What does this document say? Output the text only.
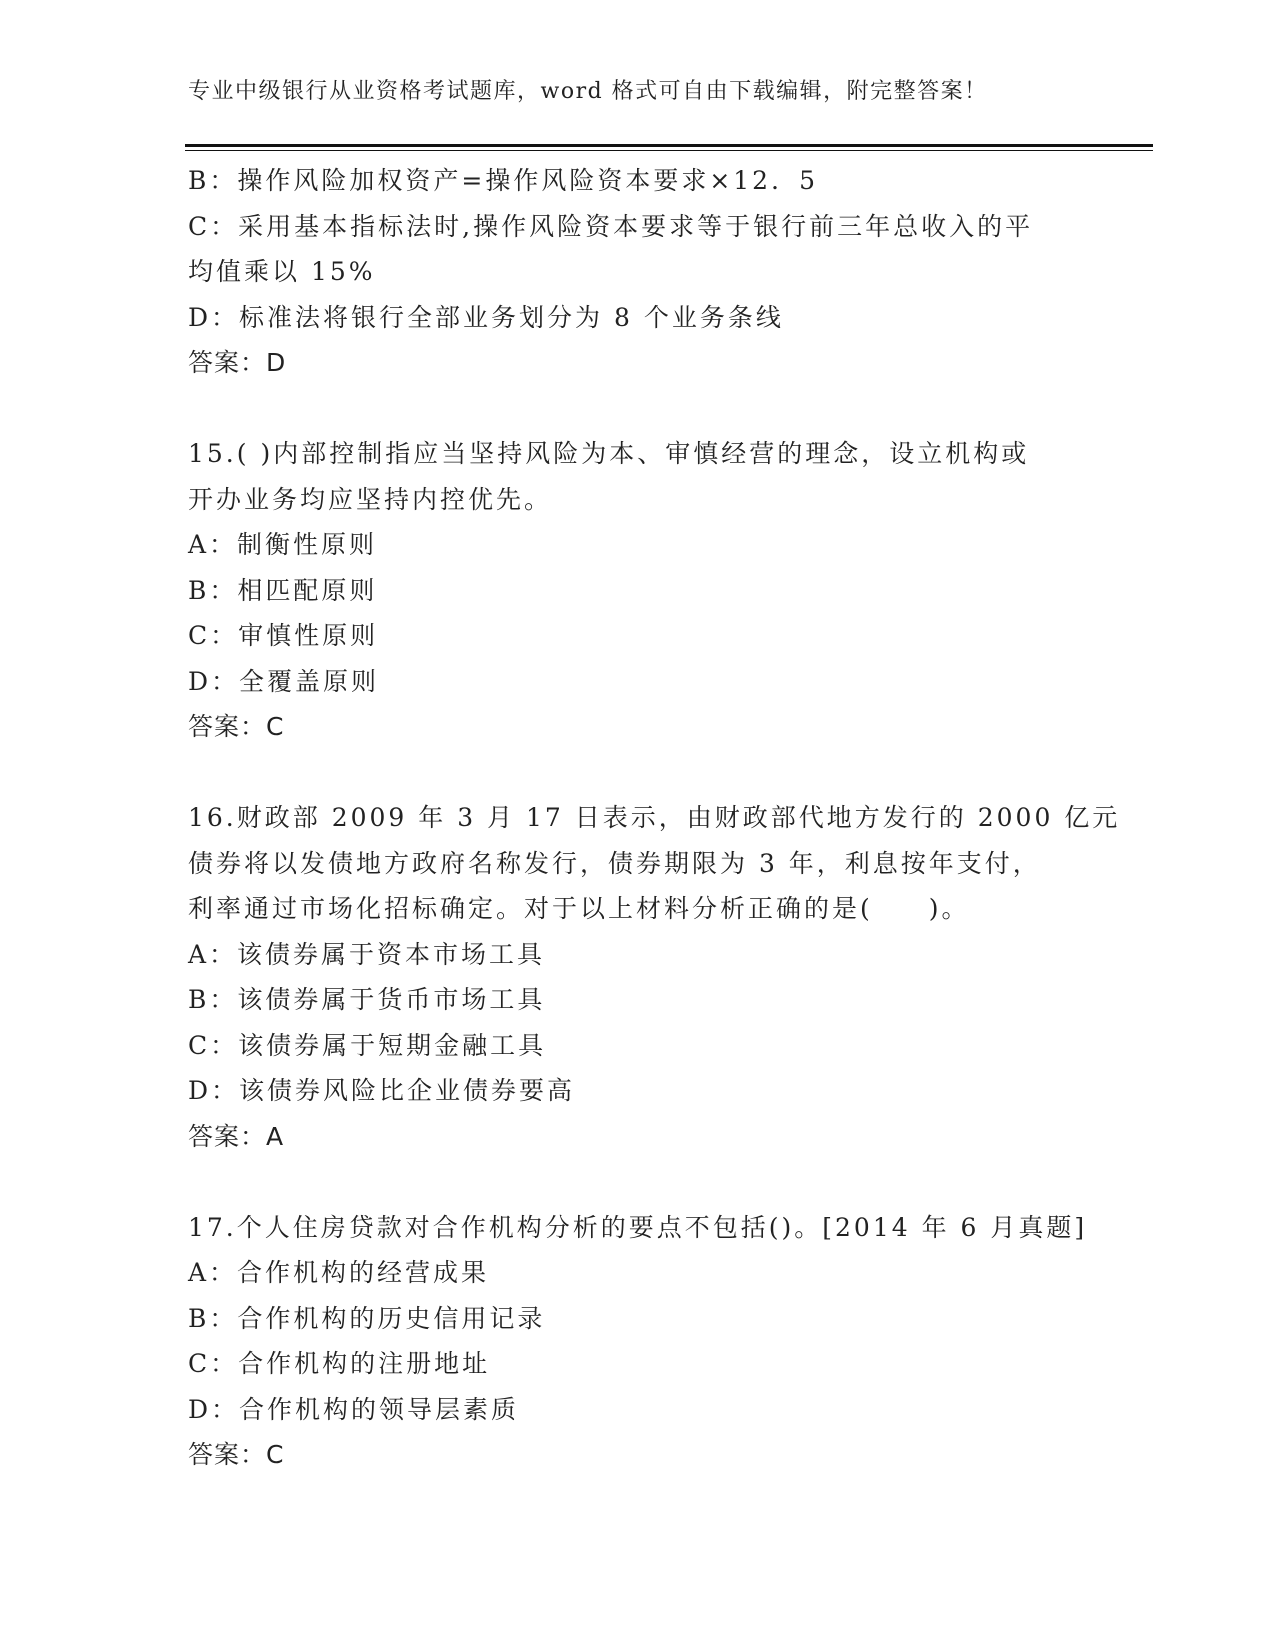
专业中级银行从业资格考试题库，word 格式可自由下载编辑，附完整答案！
B：操作风险加权资产=操作风险资本要求×12．5
C：采用基本指标法时,操作风险资本要求等于银行前三年总收入的平
均值乘以 15%
D：标准法将银行全部业务划分为 8 个业务条线
答案：D
15.( )内部控制指应当坚持风险为本、审慎经营的理念，设立机构或
开办业务均应坚持内控优先。
A：制衡性原则
B：相匹配原则
C：审慎性原则
D：全覆盖原则
答案：C
16.财政部 2009 年 3 月 17 日表示，由财政部代地方发行的 2000 亿元
债券将以发债地方政府名称发行，债券期限为 3 年，利息按年支付，
利率通过市场化招标确定。对于以上材料分析正确的是(　　)。
A：该债券属于资本市场工具
B：该债券属于货币市场工具
C：该债券属于短期金融工具
D：该债券风险比企业债券要高
答案：A
17.个人住房贷款对合作机构分析的要点不包括()。[2014 年 6 月真题]
A：合作机构的经营成果
B：合作机构的历史信用记录
C：合作机构的注册地址
D：合作机构的领导层素质
答案：C
